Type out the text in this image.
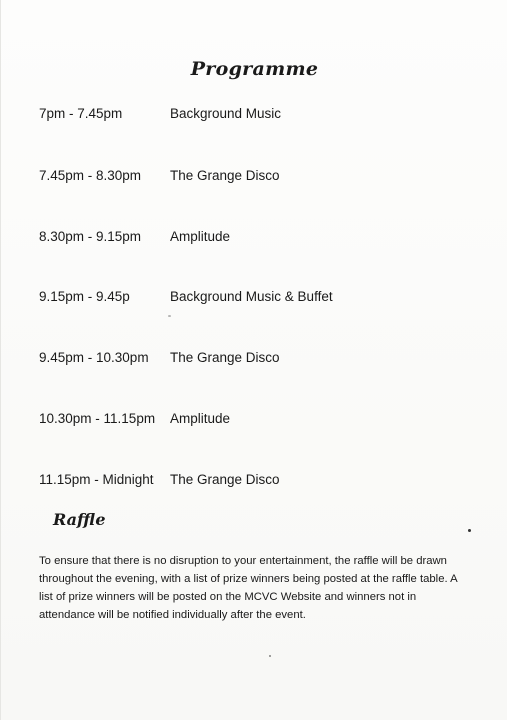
Programme
7pm - 7.45pm	Background Music
7.45pm - 8.30pm The Grange Disco
8.30pm - 9.15pm Amplitude
9.15pm - 9.45p	Background Music & Buffet
9.45pm - 10.30pm The Grange Disco
10.30pm - 11.15pm Amplitude
11.15pm - Midnight The Grange Disco
Raffle
To ensure that there is no disruption to your entertainment, the raffle will be drawn throughout the evening, with a list of prize winners being posted at the raffle table. A list of prize winners will be posted on the MCVC Website and winners not in attendance will be notified individually after the event.
